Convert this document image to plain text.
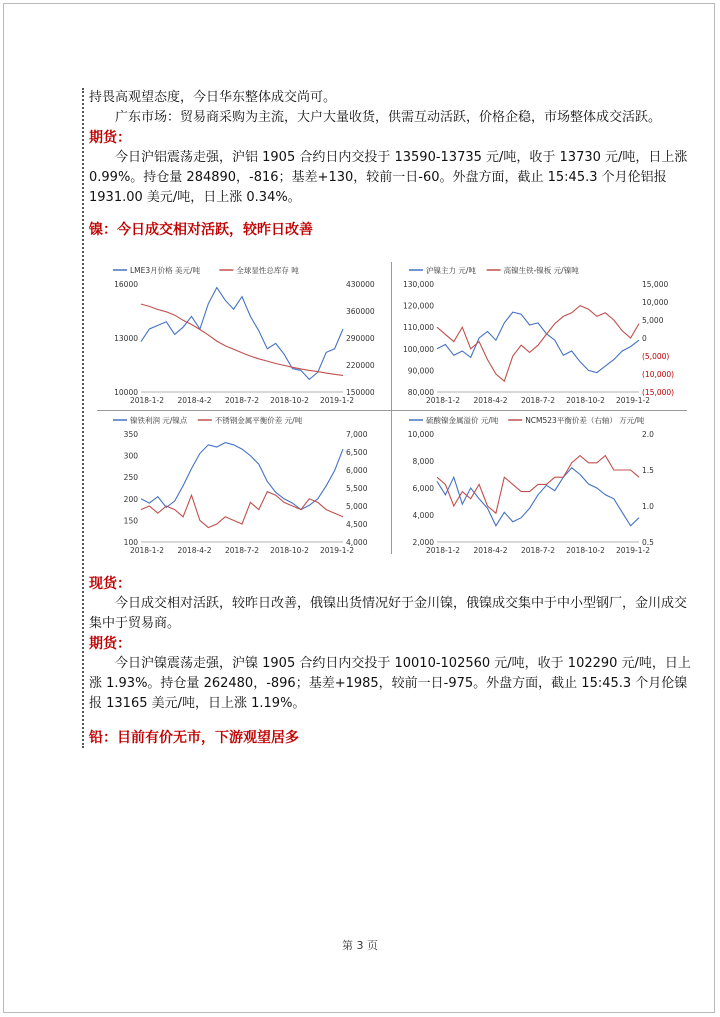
持畏高观望态度，今日华东整体成交尚可。

广东市场：贸易商采购为主流，大户大量收货，供需互动活跃，价格企稳，市场整体成交活跃。

期货：

今日沪铝震荡走强，沪铝 1905 合约日内交投于 13590-13735 元/吨，收于 13730 元/吨，日上涨 0.99%。持仓量 284890，-816；基差+130，较前一日-60。外盘方面，截止 15:45.3 个月伦铝报 1931.00 美元/吨，日上涨 0.34%。

镍：今日成交相对活跃，较昨日改善

LME3月价格 美元/吨	全球显性总库存 吨
16000
13000
10000
430000
360000
290000
220000
150000
2018-1-2 2018-4-2 2018-7-2 2018-10-2 2019-1-2
沪镍主力 元/吨	高镍生铁-镍板 元/镍吨
130,000
120,000
110,000
100,000
90,000
80,000
15,000
10,000
5,000
0
(5,000)
(10,000)
(15,000)
2018-1-2 2018-4-2 2018-7-2 2018-10-2 2019-1-2
镍铁利润 元/镍点	不锈钢金属平衡价差 元/吨
350
300
250
200
150
100
7,000
6,500
6,000
5,500
5,000
4,500
4,000
2018-1-2 2018-4-2 2018-7-2 2018-10-2 2019-1-2
硫酸镍金属溢价 元/吨	NCM523平衡价差（右轴） 万元/吨
10,000
8,000
6,000
4,000
2,000
2.0
1.5
1.0
0.5
2018-1-2 2018-4-2 2018-7-2 2018-10-2 2019-1-2

现货：

今日成交相对活跃，较昨日改善，俄镍出货情况好于金川镍，俄镍成交集中于中小型钢厂，金川成交集中于贸易商。

期货：

今日沪镍震荡走强，沪镍 1905 合约日内交投于 10010-102560 元/吨，收于 102290 元/吨，日上涨 1.93%。持仓量 262480，-896；基差+1985，较前一日-975。外盘方面，截止 15:45.3 个月伦镍报 13165 美元/吨，日上涨 1.19%。

铅：目前有价无市，下游观望居多

第 3 页
